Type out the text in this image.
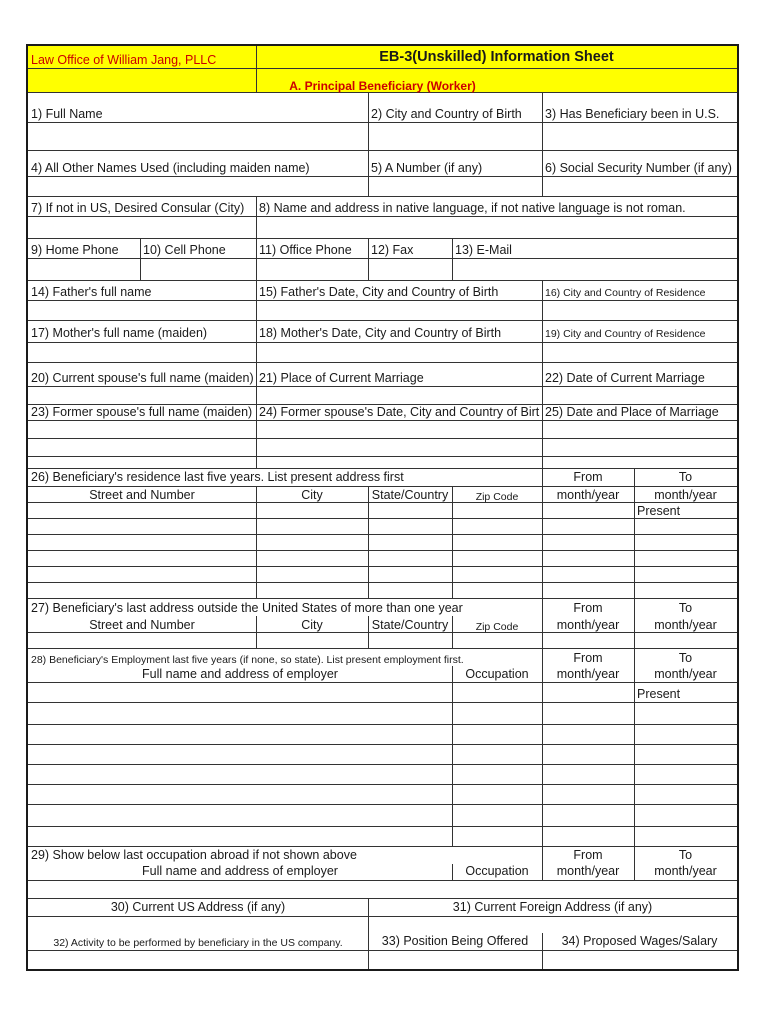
Law Office of William Jang, PLLC	EB-3(Unskilled) Information Sheet
A. Principal Beneficiary (Worker)
1) Full Name	2) City and Country of Birth 3) Has Beneficiary been in U.S.
4) All Other Names Used (including maiden name)	5) A Number (if any)	6) Social Security Number (if any)
7) If not in US, Desired Consular (City) 8) Name and address in native language, if not native language is not roman.
9) Home Phone 10) Cell Phone	11) Office Phone 12) Fax	13) E-Mail
14) Father's full name	15) Father's Date, City and Country of Birth	16) City and Country of Residence
17) Mother's full name (maiden)	18) Mother's Date, City and Country of Birth	19) City and Country of Residence
20) Current spouse's full name (maiden) 21) Place of Current Marriage	22) Date of Current Marriage
23) Former spouse's full name (maiden) 24) Former spouse's Date, City and Country of Birt 25) Date and Place of Marriage
26) Beneficiary's residence last five years. List present address first	From	To
Street and Number	City	State/Country	Zip Code	month/year	month/year
Present
27) Beneficiary's last address outside the United States of more than one year	From	To
Street and Number	City	State/Country	Zip Code	month/year	month/year
28) Beneficiary's Employment last five years (if none, so state). List present employment first.	From	To
Full name and address of employer	Occupation	month/year	month/year
Present
29) Show below last occupation abroad if not shown above	From	To
Full name and address of employer	Occupation	month/year	month/year
30) Current US Address (if any)	31) Current Foreign Address (if any)
32) Activity to be performed by beneficiary in the US company.	33) Position Being Offered	34) Proposed Wages/Salary
